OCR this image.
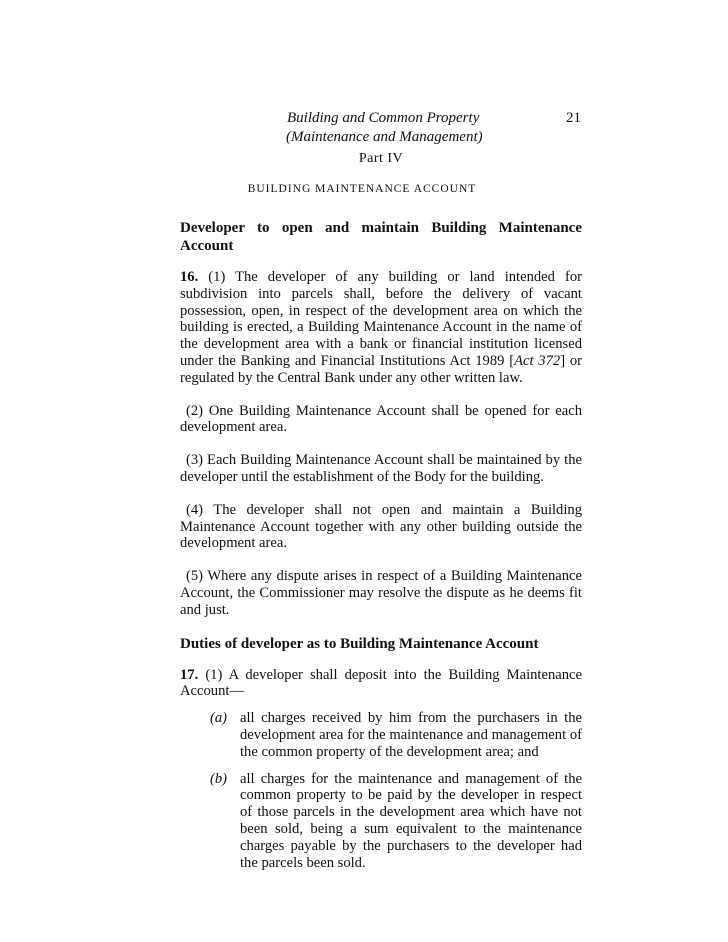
Building and Common Property
(Maintenance and Management)
21
Part IV
BUILDING MAINTENANCE ACCOUNT

Developer to open and maintain Building Maintenance Account

16. (1) The developer of any building or land intended for subdivision into parcels shall, before the delivery of vacant possession, open, in respect of the development area on which the building is erected, a Building Maintenance Account in the name of the development area with a bank or financial institution licensed under the Banking and Financial Institutions Act 1989 [Act 372] or regulated by the Central Bank under any other written law.

(2) One Building Maintenance Account shall be opened for each development area.

(3) Each Building Maintenance Account shall be maintained by the developer until the establishment of the Body for the building.

(4) The developer shall not open and maintain a Building Maintenance Account together with any other building outside the development area.

(5) Where any dispute arises in respect of a Building Maintenance Account, the Commissioner may resolve the dispute as he deems fit and just.

Duties of developer as to Building Maintenance Account

17. (1) A developer shall deposit into the Building Maintenance Account—

(a) all charges received by him from the purchasers in the development area for the maintenance and management of the common property of the development area; and
(b) all charges for the maintenance and management of the common property to be paid by the developer in respect of those parcels in the development area which have not been sold, being a sum equivalent to the maintenance charges payable by the purchasers to the developer had the parcels been sold.
